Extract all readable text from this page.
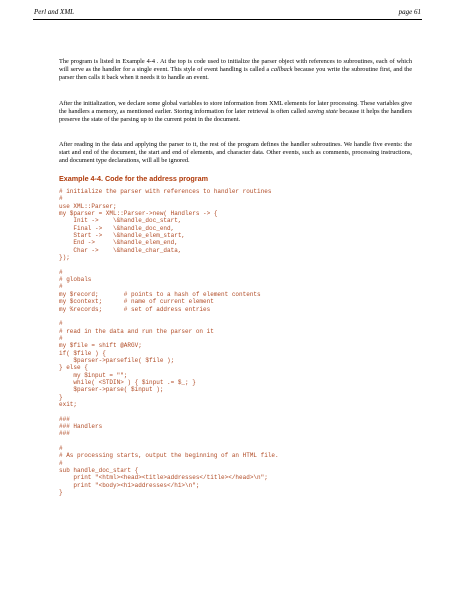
Perl and XML	page 61

The program is listed in Example 4-4 . At the top is code used to initialize the parser object with references to subroutines, each of which will serve as the handler for a single event. This style of event handling is called a callback because you write the subroutine first, and the parser then calls it back when it needs it to handle an event.

After the initialization, we declare some global variables to store information from XML elements for later processing. These variables give the handlers a memory, as mentioned earlier. Storing information for later retrieval is often called saving state because it helps the handlers preserve the state of the parsing up to the current point in the document.

After reading in the data and applying the parser to it, the rest of the program defines the handler subroutines. We handle five events: the start and end of the document, the start and end of elements, and character data. Other events, such as comments, processing instructions, and document type declarations, will all be ignored.

Example 4-4. Code for the address program
# initialize the parser with references to handler routines
#
use XML::Parser;
my $parser = XML::Parser->new( Handlers -> {
Init ->    \&handle_doc_start,
Final ->   \&handle_doc_end,
Start ->   \&handle_elem_start,
End ->     \&handle_elem_end,
Char ->    \&handle_char_data,
});
#
# globals
#
my $record;       # points to a hash of element contents
my $context;      # name of current element
my %records;      # set of address entries
#
# read in the data and run the parser on it
#
my $file = shift @ARGV;
if( $file ) {
$parser->parsefile( $file );
} else {
my $input = "";
while( <STDIN> ) { $input .= $_; }
$parser->parse( $input );
}
exit;
###
### Handlers
###
#
# As processing starts, output the beginning of an HTML file.
#
sub handle_doc_start {
print "<html><head><title>addresses</title></head>\n";
print "<body><h1>addresses</h1>\n";
}
